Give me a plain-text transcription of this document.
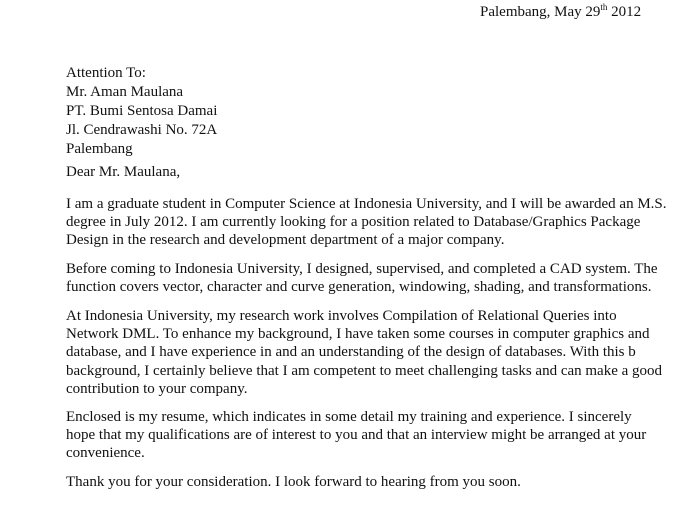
Palembang, May 29th 2012
Attention To:
Mr. Aman Maulana
PT. Bumi Sentosa Damai
Jl. Cendrawashi No. 72A
Palembang
Dear Mr. Maulana,

I am a graduate student in Computer Science at Indonesia University, and I will be awarded an M.S.
degree in July 2012. I am currently looking for a position related to Database/Graphics Package
Design in the research and development department of a major company.

Before coming to Indonesia University, I designed, supervised, and completed a CAD system. The
function covers vector, character and curve generation, windowing, shading, and transformations.

At Indonesia University, my research work involves Compilation of Relational Queries into
Network DML. To enhance my background, I have taken some courses in computer graphics and
database, and I have experience in and an understanding of the design of databases. With this b
background, I certainly believe that I am competent to meet challenging tasks and can make a good
contribution to your company.

Enclosed is my resume, which indicates in some detail my training and experience. I sincerely
hope that my qualifications are of interest to you and that an interview might be arranged at your
convenience.

Thank you for your consideration. I look forward to hearing from you soon.
